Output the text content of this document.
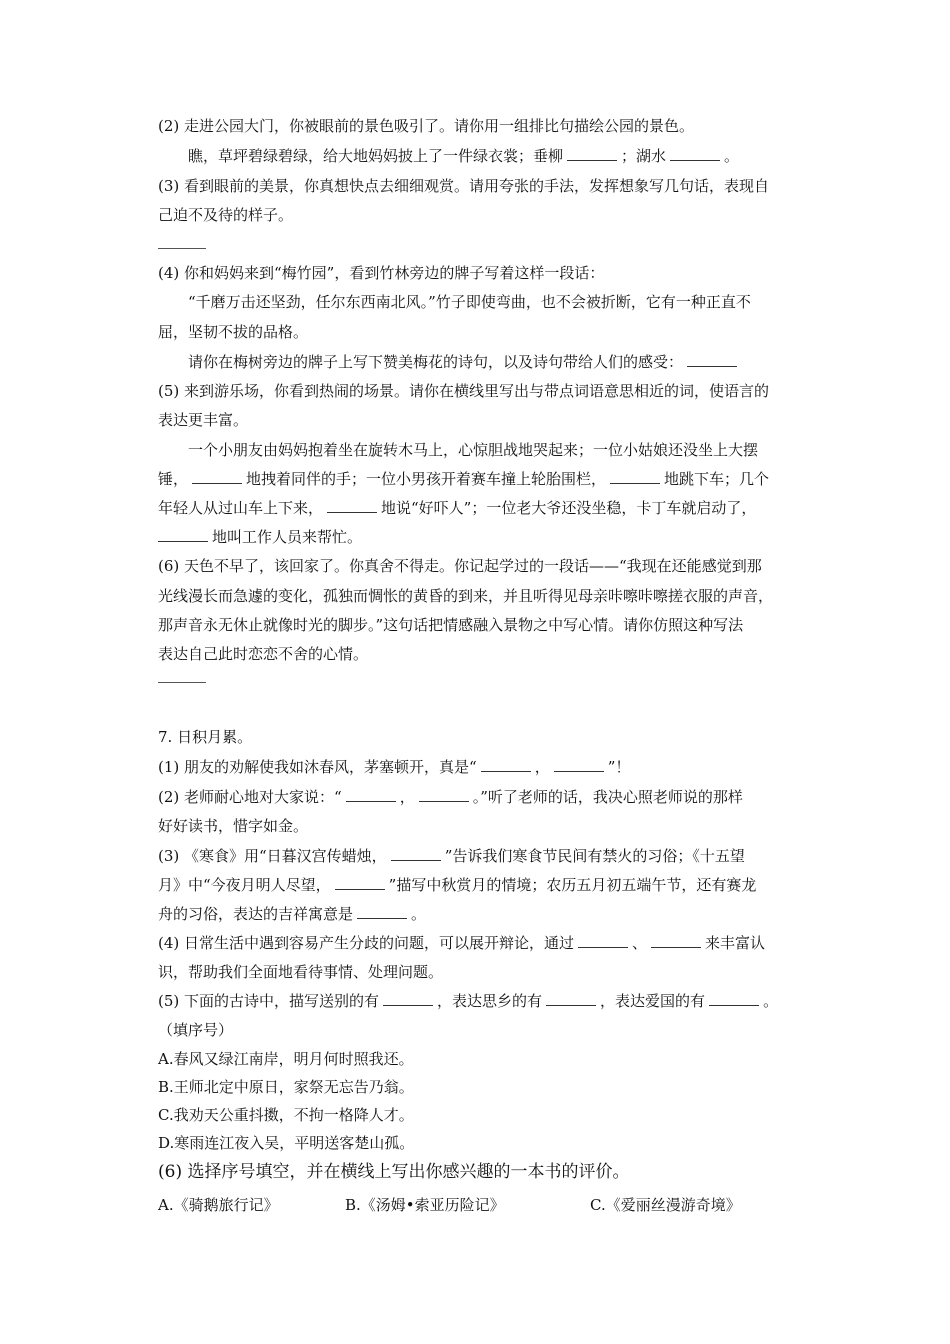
(2) 走进公园大门，你被眼前的景色吸引了。请你用一组排比句描绘公园的景色。
瞧，草坪碧绿碧绿，给大地妈妈披上了一件绿衣裳；垂柳	；湖水	。
(3) 看到眼前的美景，你真想快点去细细观赏。请用夸张的手法，发挥想象写几句话，表现自
己迫不及待的样子。
(4) 你和妈妈来到“梅竹园”，看到竹林旁边的牌子写着这样一段话：
“千磨万击还坚劲，任尔东西南北风。”竹子即使弯曲，也不会被折断，它有一种正直不
屈，坚韧不拔的品格。
请你在梅树旁边的牌子上写下赞美梅花的诗句，以及诗句带给人们的感受：
(5) 来到游乐场，你看到热闹的场景。请你在横线里写出与带点词语意思相近的词，使语言的
表达更丰富。
一个小朋友由妈妈抱着坐在旋转木马上，心惊胆战地哭起来；一位小姑娘还没坐上大摆
锤，	地拽着同伴的手；一位小男孩开着赛车撞上轮胎围栏，	地跳下车；几个
年轻人从过山车上下来，	地说“好吓人”；一位老大爷还没坐稳，卡丁车就启动了，
地叫工作人员来帮忙。
(6) 天色不早了，该回家了。你真舍不得走。你记起学过的一段话——“我现在还能感觉到那
光线漫长而急遽的变化，孤独而惆怅的黄昏的到来，并且听得见母亲咔嚓咔嚓搓衣服的声音，
那声音永无休止就像时光的脚步。”这句话把情感融入景物之中写心情。请你仿照这种写法
表达自己此时恋恋不舍的心情。
7. 日积月累。
(1) 朋友的劝解使我如沐春风，茅塞顿开，真是“	，	”！
(2) 老师耐心地对大家说：“	，	。”听了老师的话，我决心照老师说的那样
好好读书，惜字如金。
(3) 《寒食》用“日暮汉宫传蜡烛，	”告诉我们寒食节民间有禁火的习俗；《十五望
月》中“今夜月明人尽望，	”描写中秋赏月的情境；农历五月初五端午节，还有赛龙
舟的习俗，表达的吉祥寓意是	。
(4) 日常生活中遇到容易产生分歧的问题，可以展开辩论，通过	、	来丰富认
识，帮助我们全面地看待事情、处理问题。
(5) 下面的古诗中，描写送别的有	，表达思乡的有	，表达爱国的有	。
（填序号）
A.春风又绿江南岸，明月何时照我还。
B.王师北定中原日，家祭无忘告乃翁。
C.我劝天公重抖擞，不拘一格降人才。
D.寒雨连江夜入吴，平明送客楚山孤。
(6) 选择序号填空，并在横线上写出你感兴趣的一本书的评价。
A.《骑鹅旅行记》	B.《汤姆•索亚历险记》	C.《爱丽丝漫游奇境》
